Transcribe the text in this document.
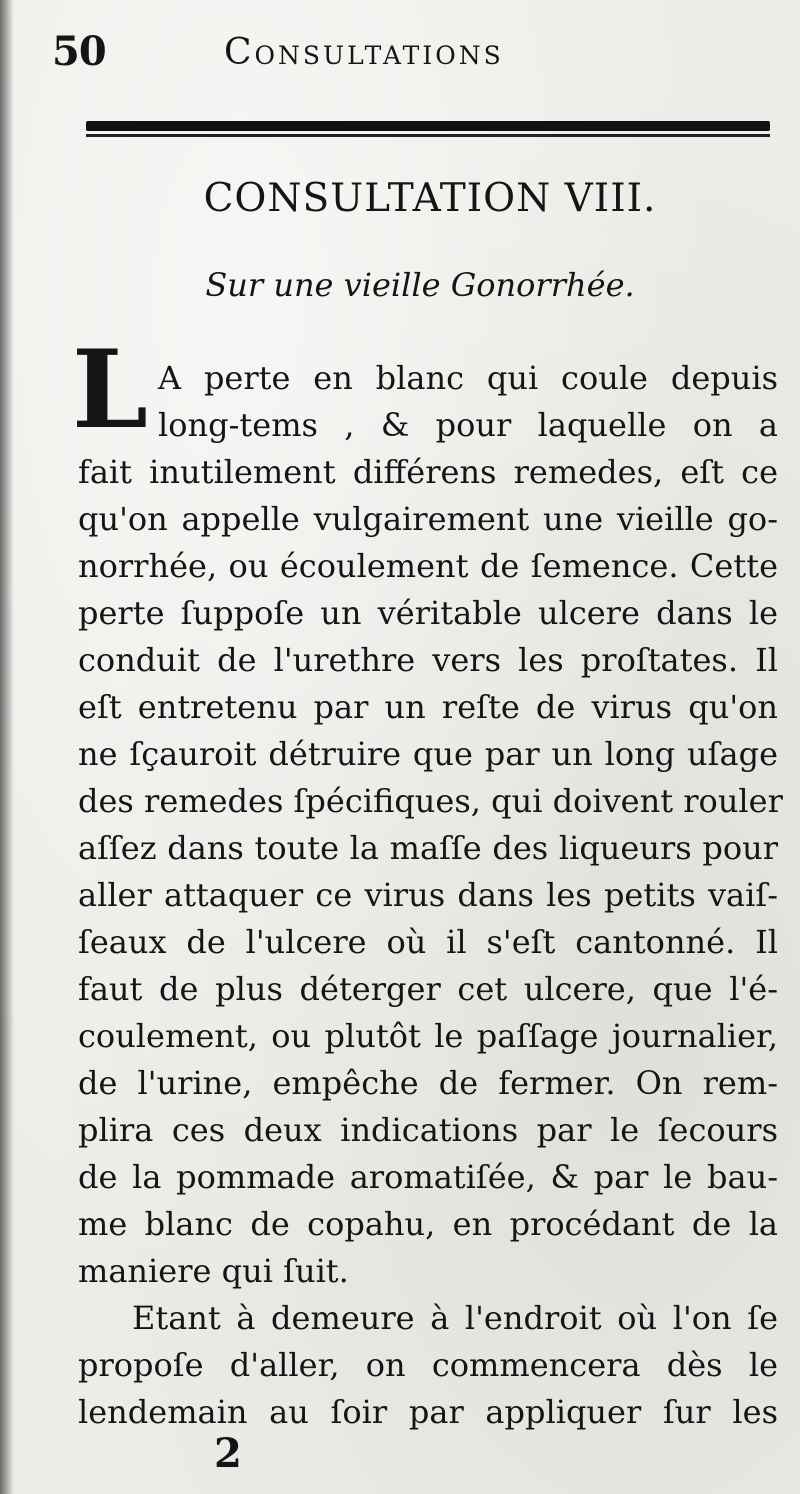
50	Consultations
CONSULTATION VIII.
Sur une vieille Gonorrhée.
L A perte en blanc qui coule depuis
long-tems , & pour laquelle on a
fait inutilement différens remedes, eſt ce
qu'on appelle vulgairement une vieille go-
norrhée, ou écoulement de ſemence. Cette
perte ſuppoſe un véritable ulcere dans le
conduit de l'urethre vers les proſtates. Il
eſt entretenu par un reſte de virus qu'on
ne ſçauroit détruire que par un long uſage
des remedes ſpécifiques, qui doivent rouler
aſſez dans toute la maſſe des liqueurs pour
aller attaquer ce virus dans les petits vaiſ-
ſeaux de l'ulcere où il s'eſt cantonné. Il
faut de plus déterger cet ulcere, que l'é-
coulement, ou plutôt le paſſage journalier,
de l'urine, empêche de fermer. On rem-
plira ces deux indications par le ſecours
de la pommade aromatiſée, & par le bau-
me blanc de copahu, en procédant de la
maniere qui ſuit.
Etant à demeure à l'endroit où l'on ſe
propoſe d'aller, on commencera dès le
lendemain au ſoir par appliquer ſur les
2
